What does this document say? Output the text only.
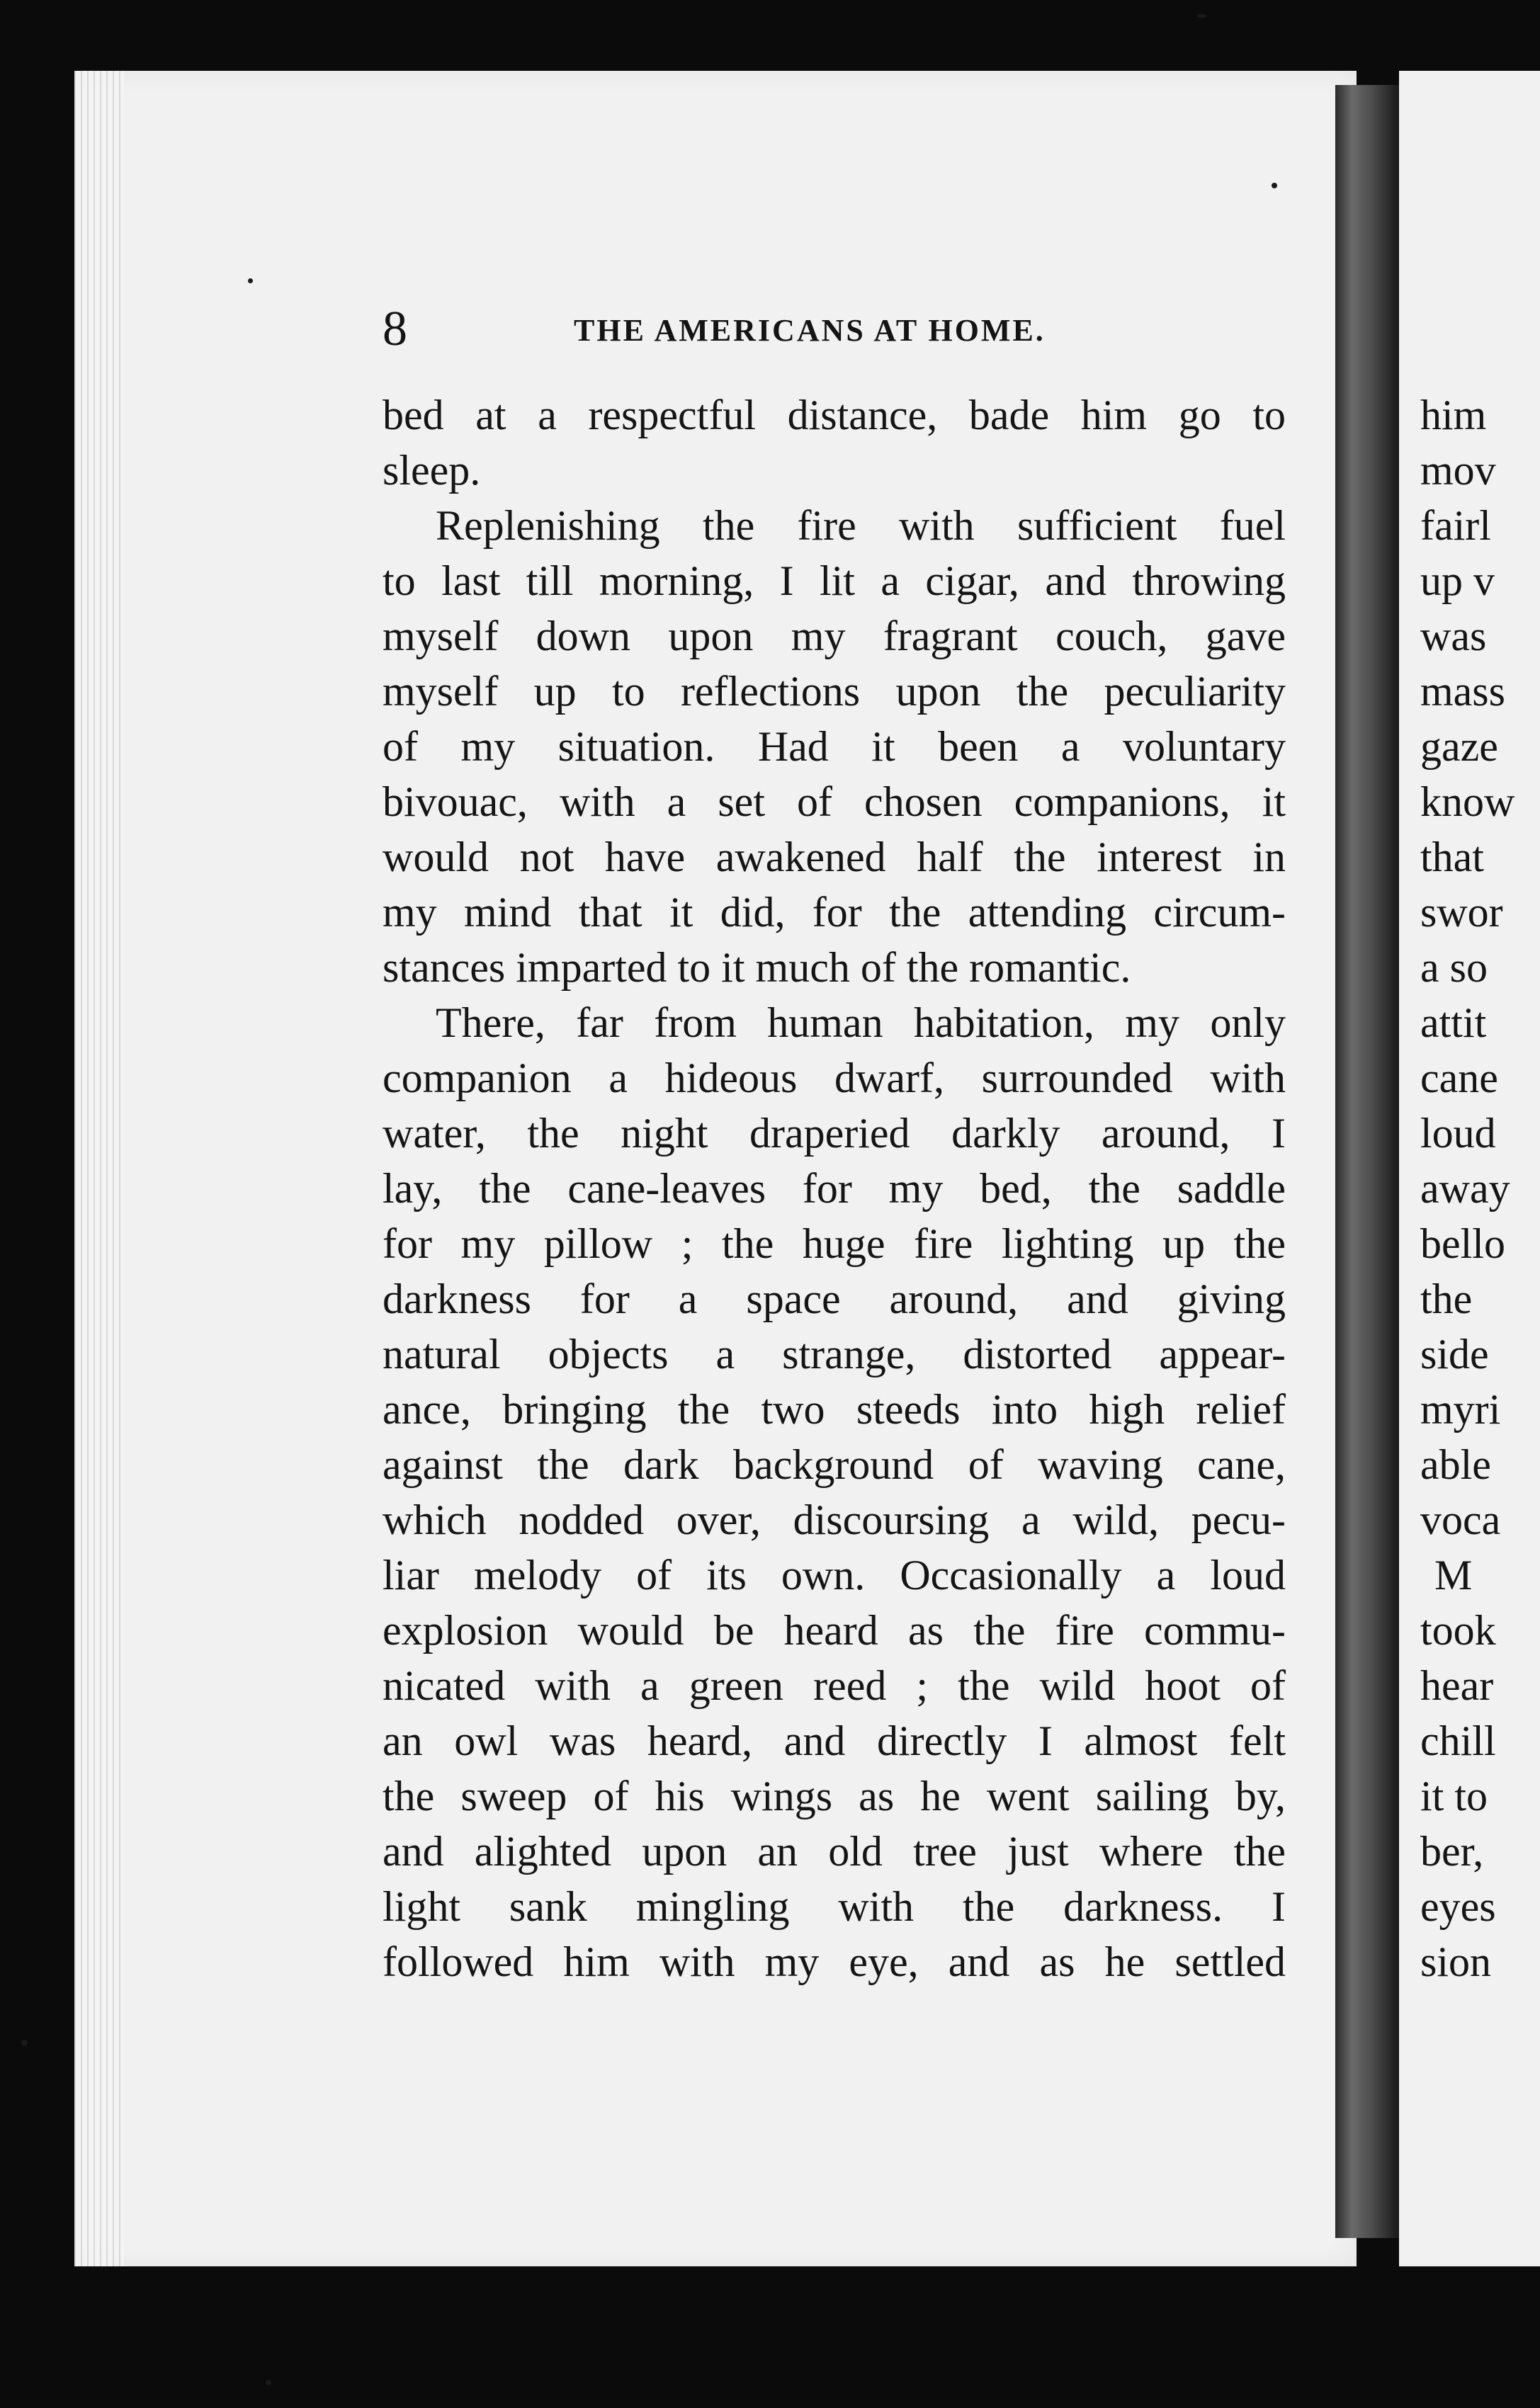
him
mov
fairl
up v
was
mass
gaze
know
that
swor
a so
attit
cane
loud
away
bello
the
side
myri
able
voca
M
took
hear
chill
it to
ber,
eyes
sion
8	THE AMERICANS AT HOME.
bed at a respectful distance, bade him go to
sleep.
Replenishing the fire with sufficient fuel
to last till morning, I lit a cigar, and throwing
myself down upon my fragrant couch, gave
myself up to reflections upon the peculiarity
of my situation. Had it been a voluntary
bivouac, with a set of chosen companions, it
would not have awakened half the interest in
my mind that it did, for the attending circum-
stances imparted to it much of the romantic.
There, far from human habitation, my only
companion a hideous dwarf, surrounded with
water, the night draperied darkly around, I
lay, the cane-leaves for my bed, the saddle
for my pillow ; the huge fire lighting up the
darkness for a space around, and giving
natural objects a strange, distorted appear-
ance, bringing the two steeds into high relief
against the dark background of waving cane,
which nodded over, discoursing a wild, pecu-
liar melody of its own. Occasionally a loud
explosion would be heard as the fire commu-
nicated with a green reed ; the wild hoot of
an owl was heard, and directly I almost felt
the sweep of his wings as he went sailing by,
and alighted upon an old tree just where the
light sank mingling with the darkness. I
followed him with my eye, and as he settled
